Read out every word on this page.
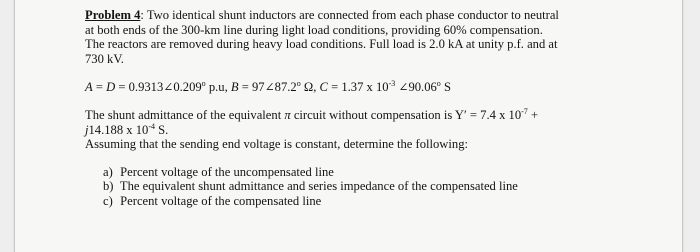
Problem 4: Two identical shunt inductors are connected from each phase conductor to neutral
at both ends of the 300-km line during light load conditions, providing 60% compensation.
The reactors are removed during heavy load conditions. Full load is 2.0 kA at unity p.f. and at
730 kV.

$A = D = 0.9313\angle 0.209^o$ p.u, $B = 97\angle 87.2^o$ Ω, C = 1.37 x $10^{-3}$ ∠90.06$^o$ S

The shunt admittance of the equivalent π circuit without compensation is Y′ = 7.4 x $10^{-7}$ +
j14.188 x $10^{-4}$ S.
Assuming that the sending end voltage is constant, determine the following:

a) Percent voltage of the uncompensated line
b) The equivalent shunt admittance and series impedance of the compensated line
c) Percent voltage of the compensated line
